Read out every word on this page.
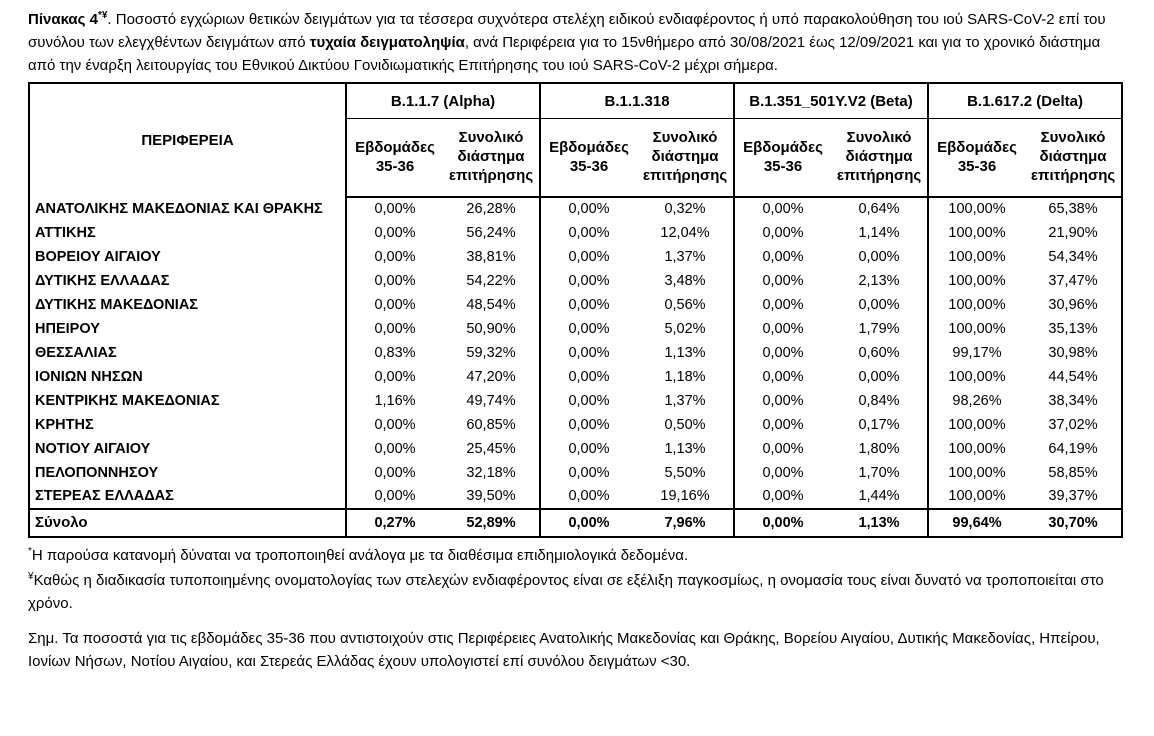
Πίνακας 4*¥. Ποσοστό εγχώριων θετικών δειγμάτων για τα τέσσερα συχνότερα στελέχη ειδικού ενδιαφέροντος ή υπό παρακολούθηση του ιού SARS-CoV-2 επί του συνόλου των ελεγχθέντων δειγμάτων από τυχαία δειγματοληψία, ανά Περιφέρεια για το 15νθήμερο από 30/08/2021 έως 12/09/2021 και για το χρονικό διάστημα από την έναρξη λειτουργίας του Εθνικού Δικτύου Γονιδιωματικής Επιτήρησης του ιού SARS-CoV-2 μέχρι σήμερα.

ΠΕΡΙΦΕΡΕΙΑ	B.1.1.7 (Alpha)		B.1.1.318		B.1.351_501Y.V2 (Beta)		B.1.617.2 (Delta)	
	Εβδομάδες 35-36	Συνολικό διάστημα επιτήρησης	Εβδομάδες 35-36	Συνολικό διάστημα επιτήρησης	Εβδομάδες 35-36	Συνολικό διάστημα επιτήρησης	Εβδομάδες 35-36	Συνολικό διάστημα επιτήρησης
ΑΝΑΤΟΛΙΚΗΣ ΜΑΚΕΔΟΝΙΑΣ ΚΑΙ ΘΡΑΚΗΣ	0,00%	26,28%	0,00%	0,32%	0,00%	0,64%	100,00%	65,38%
ΑΤΤΙΚΗΣ	0,00%	56,24%	0,00%	12,04%	0,00%	1,14%	100,00%	21,90%
ΒΟΡΕΙΟΥ ΑΙΓΑΙΟΥ	0,00%	38,81%	0,00%	1,37%	0,00%	0,00%	100,00%	54,34%
ΔΥΤΙΚΗΣ ΕΛΛΑΔΑΣ	0,00%	54,22%	0,00%	3,48%	0,00%	2,13%	100,00%	37,47%
ΔΥΤΙΚΗΣ ΜΑΚΕΔΟΝΙΑΣ	0,00%	48,54%	0,00%	0,56%	0,00%	0,00%	100,00%	30,96%
ΗΠΕΙΡΟΥ	0,00%	50,90%	0,00%	5,02%	0,00%	1,79%	100,00%	35,13%
ΘΕΣΣΑΛΙΑΣ	0,83%	59,32%	0,00%	1,13%	0,00%	0,60%	99,17%	30,98%
ΙΟΝΙΩΝ ΝΗΣΩΝ	0,00%	47,20%	0,00%	1,18%	0,00%	0,00%	100,00%	44,54%
ΚΕΝΤΡΙΚΗΣ ΜΑΚΕΔΟΝΙΑΣ	1,16%	49,74%	0,00%	1,37%	0,00%	0,84%	98,26%	38,34%
ΚΡΗΤΗΣ	0,00%	60,85%	0,00%	0,50%	0,00%	0,17%	100,00%	37,02%
ΝΟΤΙΟΥ ΑΙΓΑΙΟΥ	0,00%	25,45%	0,00%	1,13%	0,00%	1,80%	100,00%	64,19%
ΠΕΛΟΠΟΝΝΗΣΟΥ	0,00%	32,18%	0,00%	5,50%	0,00%	1,70%	100,00%	58,85%
ΣΤΕΡΕΑΣ ΕΛΛΑΔΑΣ	0,00%	39,50%	0,00%	19,16%	0,00%	1,44%	100,00%	39,37%
Σύνολο	0,27%	52,89%	0,00%	7,96%	0,00%	1,13%	99,64%	30,70%

*Η παρούσα κατανομή δύναται να τροποποιηθεί ανάλογα με τα διαθέσιμα επιδημιολογικά δεδομένα.

¥Καθώς η διαδικασία τυποποιημένης ονοματολογίας των στελεχών ενδιαφέροντος είναι σε εξέλιξη παγκοσμίως, η ονομασία τους είναι δυνατό να τροποποιείται στο χρόνο.

Σημ. Τα ποσοστά για τις εβδομάδες 35-36 που αντιστοιχούν στις Περιφέρειες Ανατολικής Μακεδονίας και Θράκης, Βορείου Αιγαίου, Δυτικής Μακεδονίας, Ηπείρου, Ιονίων Νήσων, Νοτίου Αιγαίου, και Στερεάς Ελλάδας έχουν υπολογιστεί επί συνόλου δειγμάτων <30.
